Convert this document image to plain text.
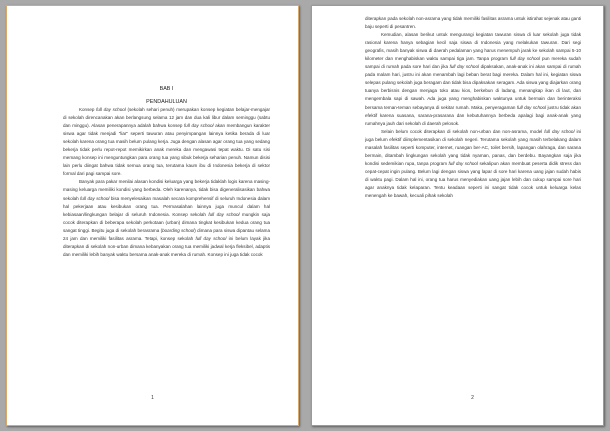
BAB I
PENDAHULUAN

Konsep full day school (sekolah sehari penuh) merupakan konsep kegiatan belajar-mengajar di sekolah direncanakan akan berlangsung selama 12 jam dan dua kali libur dalam seminggu (sabtu dan minggu). Alasan penerapannya adalah bahwa konsep full day school akan membangun karakter siswa agar tidak menjadi "liar" seperti tawuran atau penyimpangan lainnya ketika berada di luar sekolah karena orang tua masih belum pulang kerja. Juga dengan alasan agar orang tua yang sedang bekerja tidak perlu repot-repot memikirkan anak mereka dan mengawasi tepat waktu. Di satu sisi memang konsep ini menguntungkan para orang tua yang sibuk bekerja seharian penuh. Namun disisi lain perlu diingat bahwa tidak semua orang tua, terutama kaum ibu di Indonesia bekerja di sektor formal dari pagi sampai sore.

Banyak para pakar menilai alasan kondisi keluarga yang bekerja tidaklah logis karena masing-masing keluarga memiliki kondisi yang berbeda. Oleh karenanya, tidak bisa digeneralisasikan bahwa sekolah full day school bisa menyelesaikan masalah secara komprehensif di seluruh Indonesia dalam hal pekerjaan atau kesibukan orang tua. Permasalahan lainnya juga muncul dalam hal kebiasaan/lingkungan belajar di seluruh Indonesia. Konsep sekolah full day school mungkin saja cocok diterapkan di beberapa sekolah perkotaan (urban) dimana tingkat kesibukan kedua orang tua sangat tinggi. Begitu juga di sekolah berasrama (boarding school) dimana para siswa dipantau selama 24 jam dan memiliki fasilitas asrama. Tetapi, konsep sekolah full day school ini belum layak jika diterapkan di sekolah non-urban dimana kebanyakan orang tua memiliki jadwal kerja fleksibel, adaptis dan memiliki lebih banyak waktu bersama anak-anak mereka di rumah. Konsep ini juga tidak cocok

1

diterapkan pada sekolah non-asrama yang tidak memiliki fasilitas asrama untuk istirahat sejenak atau ganti baju seperti di pesantren.

Kemudian, alasan berikut untuk mengurangi kegiatan tawuran siswa di luar sekolah juga tidak rasional karena hanya sebagian kecil saja siswa di Indonesia yang melakukan tawuran. Dari segi geografis, masih banyak siswa di daerah pedalaman yang harus menempuh jarak ke sekolah sampai 5-10 kilometer dan menghabiskan waktu sampai tiga jam. Tanpa program full day school pun mereka sudah sampai di rumah pada sore hari dan jika full day school dipaksakan, anak-anak ini akan sampai di rumah pada malam hari, justru ini akan menambah lagi beban berat bagi mereka. Dalam hal ini, kegiatan siswa selepas pulang sekolah juga beragam dan tidak bisa dipaksakan seragam. Ada siswa yang diajarkan orang tuanya berbisnis dengan menjaga toko atau kios, berkebun di ladang, menangkap ikan di laut, dan mengembala sapi di sawah. Ada juga yang menghabiskan waktunya untuk bermain dan berinteraksi bersama teman-teman sebayanya di sekitar rumah. Maka, penyeragaman full day school justru tidak akan efektif karena suasana, sarana-prasarana dan kebutuhannya berbeda apalagi bagi anak-anak yang rumahnya jauh dari sekolah di daerah pelosok.

Selain belum cocok diterapkan di sekolah non-urban dan non-asrama, model full day school ini juga belum efektif diimplementasikan di sekolah negeri. Terutama sekolah yang masih terbelakang dalam masalah fasilitas seperti komputer, internet, ruangan ber-AC, toilet bersih, lapangan olahraga, dan sarana bermain, ditambah lingkungan sekolah yang tidak nyaman, panas, dan berdebu. Bayangkan saja jika kondisi sedemikian rupa, tanpa program full day school sekalipun akan membuat peserta didik stress dan cepat-cepat ingin pulang. Belum lagi dengan siswa yang lapar di sore hari karena uang jajan sudah habis di waktu pagi. Dalam hal ini, orang tua harus menyediakan uang jajan lebih dan cukup sampai sore hari agar anaknya tidak kelaparan. Tentu keadaan seperti ini sangat tidak cocok untuk keluarga kelas menengah ke bawah, kecuali pihak sekolah

2
